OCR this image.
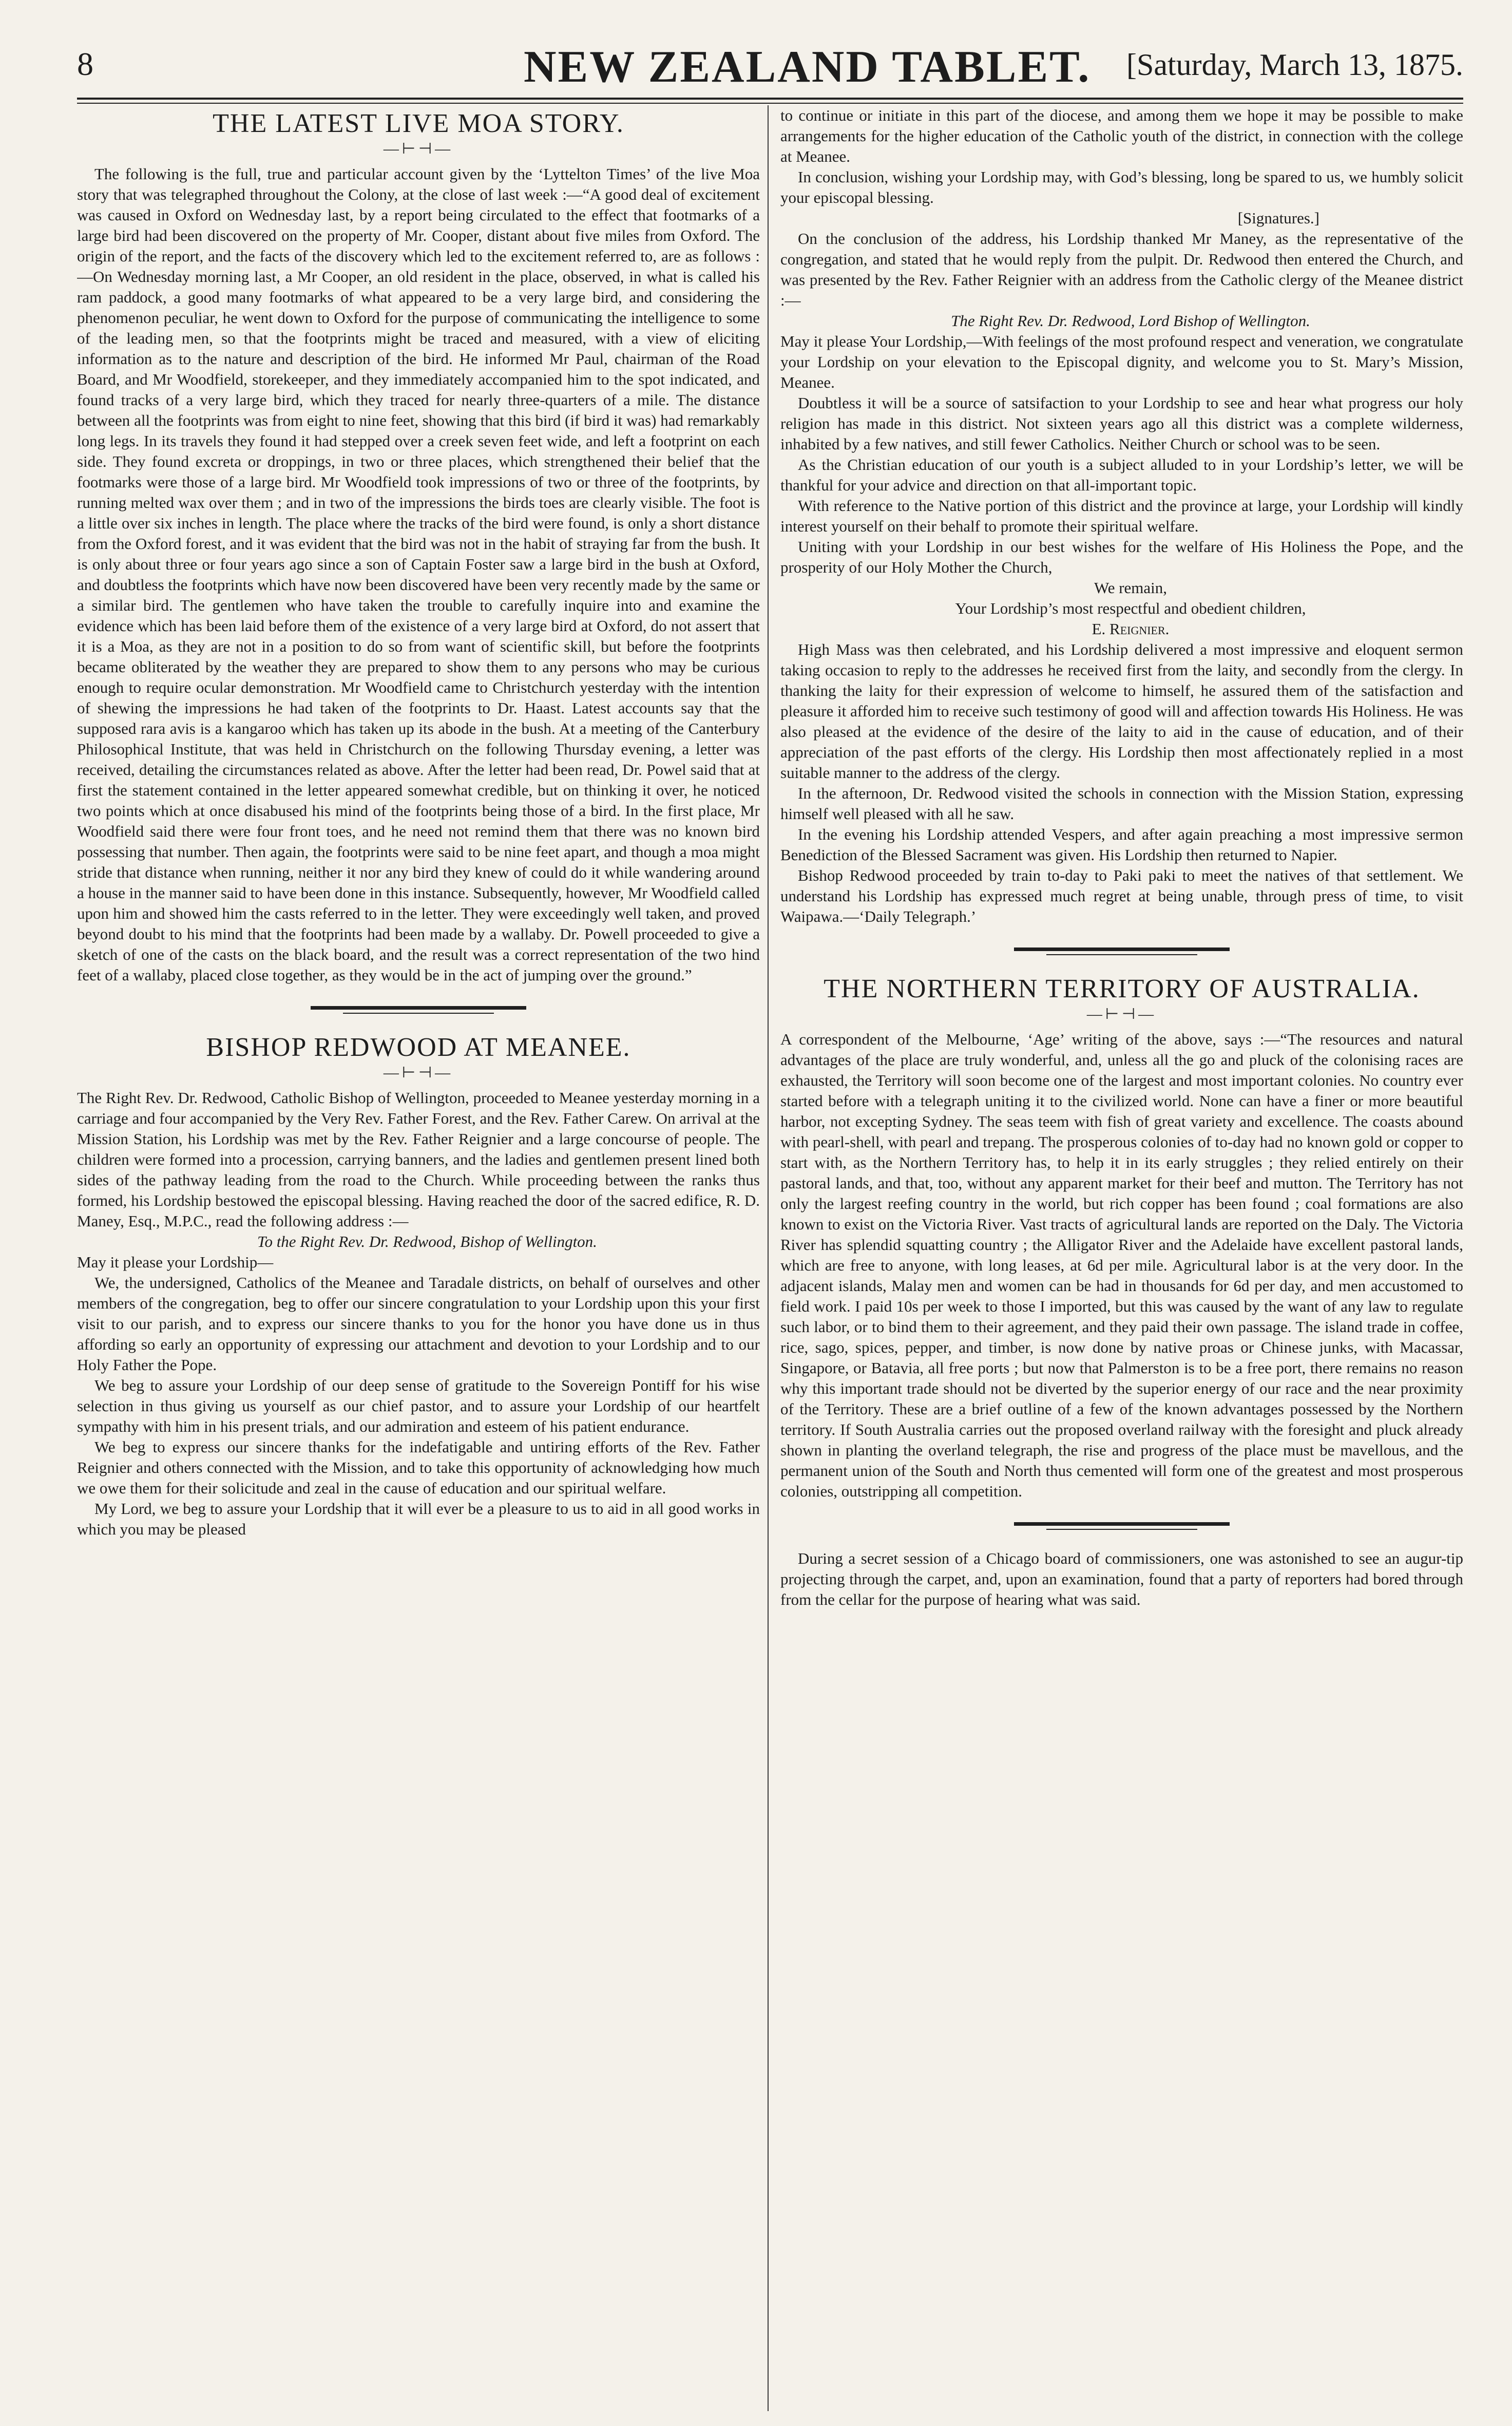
8	NEW ZEALAND TABLET. [Saturday, March 13, 1875.
THE LATEST LIVE MOA STORY.
—⊢⊣—

The following is the full, true and particular account given by the ‘Lyttelton Times’ of the live Moa story that was telegraphed throughout the Colony, at the close of last week :—“A good deal of excitement was caused in Oxford on Wednesday last, by a report being circulated to the effect that footmarks of a large bird had been discovered on the property of Mr. Cooper, distant about five miles from Oxford. The origin of the report, and the facts of the discovery which led to the excitement referred to, are as follows :—On Wednesday morning last, a Mr Cooper, an old resident in the place, observed, in what is called his ram paddock, a good many footmarks of what appeared to be a very large bird, and considering the phenomenon peculiar, he went down to Oxford for the purpose of communicating the intelligence to some of the leading men, so that the footprints might be traced and measured, with a view of eliciting information as to the nature and description of the bird. He informed Mr Paul, chairman of the Road Board, and Mr Woodfield, storekeeper, and they immediately accompanied him to the spot indicated, and found tracks of a very large bird, which they traced for nearly three-quarters of a mile. The distance between all the footprints was from eight to nine feet, showing that this bird (if bird it was) had remarkably long legs. In its travels they found it had stepped over a creek seven feet wide, and left a footprint on each side. They found excreta or droppings, in two or three places, which strengthened their belief that the footmarks were those of a large bird. Mr Woodfield took impressions of two or three of the footprints, by running melted wax over them ; and in two of the impressions the birds toes are clearly visible. The foot is a little over six inches in length. The place where the tracks of the bird were found, is only a short distance from the Oxford forest, and it was evident that the bird was not in the habit of straying far from the bush. It is only about three or four years ago since a son of Captain Foster saw a large bird in the bush at Oxford, and doubtless the footprints which have now been discovered have been very recently made by the same or a similar bird. The gentlemen who have taken the trouble to carefully inquire into and examine the evidence which has been laid before them of the existence of a very large bird at Oxford, do not assert that it is a Moa, as they are not in a position to do so from want of scientific skill, but before the footprints became obliterated by the weather they are prepared to show them to any persons who may be curious enough to require ocular demonstration. Mr Woodfield came to Christchurch yesterday with the intention of shewing the impressions he had taken of the footprints to Dr. Haast. Latest accounts say that the supposed rara avis is a kangaroo which has taken up its abode in the bush. At a meeting of the Canterbury Philosophical Institute, that was held in Christchurch on the following Thursday evening, a letter was received, detailing the circumstances related as above. After the letter had been read, Dr. Powel said that at first the statement contained in the letter appeared somewhat credible, but on thinking it over, he noticed two points which at once disabused his mind of the footprints being those of a bird. In the first place, Mr Woodfield said there were four front toes, and he need not remind them that there was no known bird possessing that number. Then again, the footprints were said to be nine feet apart, and though a moa might stride that distance when running, neither it nor any bird they knew of could do it while wandering around a house in the manner said to have been done in this instance. Subsequently, however, Mr Woodfield called upon him and showed him the casts referred to in the letter. They were exceedingly well taken, and proved beyond doubt to his mind that the footprints had been made by a wallaby. Dr. Powell proceeded to give a sketch of one of the casts on the black board, and the result was a correct representation of the two hind feet of a wallaby, placed close together, as they would be in the act of jumping over the ground.”

BISHOP REDWOOD AT MEANEE.
—⊢⊣—

The Right Rev. Dr. Redwood, Catholic Bishop of Wellington, proceeded to Meanee yesterday morning in a carriage and four accompanied by the Very Rev. Father Forest, and the Rev. Father Carew. On arrival at the Mission Station, his Lordship was met by the Rev. Father Reignier and a large concourse of people. The children were formed into a procession, carrying banners, and the ladies and gentlemen present lined both sides of the pathway leading from the road to the Church. While proceeding between the ranks thus formed, his Lordship bestowed the episcopal blessing. Having reached the door of the sacred edifice, R. D. Maney, Esq., M.P.C., read the following address :—

To the Right Rev. Dr. Redwood, Bishop of Wellington.

May it please your Lordship—

We, the undersigned, Catholics of the Meanee and Taradale districts, on behalf of ourselves and other members of the congregation, beg to offer our sincere congratulation to your Lordship upon this your first visit to our parish, and to express our sincere thanks to you for the honor you have done us in thus affording so early an opportunity of expressing our attachment and devotion to your Lordship and to our Holy Father the Pope.

We beg to assure your Lordship of our deep sense of gratitude to the Sovereign Pontiff for his wise selection in thus giving us yourself as our chief pastor, and to assure your Lordship of our heartfelt sympathy with him in his present trials, and our admiration and esteem of his patient endurance.

We beg to express our sincere thanks for the indefatigable and untiring efforts of the Rev. Father Reignier and others connected with the Mission, and to take this opportunity of acknowledging how much we owe them for their solicitude and zeal in the cause of education and our spiritual welfare.

My Lord, we beg to assure your Lordship that it will ever be a pleasure to us to aid in all good works in which you may be pleased

to continue or initiate in this part of the diocese, and among them we hope it may be possible to make arrangements for the higher education of the Catholic youth of the district, in connection with the college at Meanee.

In conclusion, wishing your Lordship may, with God’s blessing, long be spared to us, we humbly solicit your episcopal blessing.

[Signatures.]

On the conclusion of the address, his Lordship thanked Mr Maney, as the representative of the congregation, and stated that he would reply from the pulpit. Dr. Redwood then entered the Church, and was presented by the Rev. Father Reignier with an address from the Catholic clergy of the Meanee district :—

The Right Rev. Dr. Redwood, Lord Bishop of Wellington.

May it please Your Lordship,—With feelings of the most profound respect and veneration, we congratulate your Lordship on your elevation to the Episcopal dignity, and welcome you to St. Mary’s Mission, Meanee.

Doubtless it will be a source of satsifaction to your Lordship to see and hear what progress our holy religion has made in this district. Not sixteen years ago all this district was a complete wilderness, inhabited by a few natives, and still fewer Catholics. Neither Church or school was to be seen.

As the Christian education of our youth is a subject alluded to in your Lordship’s letter, we will be thankful for your advice and direction on that all-important topic.

With reference to the Native portion of this district and the province at large, your Lordship will kindly interest yourself on their behalf to promote their spiritual welfare.

Uniting with your Lordship in our best wishes for the welfare of His Holiness the Pope, and the prosperity of our Holy Mother the Church,

We remain,

Your Lordship’s most respectful and obedient children,

E. Reignier.

High Mass was then celebrated, and his Lordship delivered a most impressive and eloquent sermon taking occasion to reply to the addresses he received first from the laity, and secondly from the clergy. In thanking the laity for their expression of welcome to himself, he assured them of the satisfaction and pleasure it afforded him to receive such testimony of good will and affection towards His Holiness. He was also pleased at the evidence of the desire of the laity to aid in the cause of education, and of their appreciation of the past efforts of the clergy. His Lordship then most affectionately replied in a most suitable manner to the address of the clergy.

In the afternoon, Dr. Redwood visited the schools in connection with the Mission Station, expressing himself well pleased with all he saw.

In the evening his Lordship attended Vespers, and after again preaching a most impressive sermon Benediction of the Blessed Sacrament was given. His Lordship then returned to Napier.

Bishop Redwood proceeded by train to-day to Paki paki to meet the natives of that settlement. We understand his Lordship has expressed much regret at being unable, through press of time, to visit Waipawa.—‘Daily Telegraph.’

THE NORTHERN TERRITORY OF AUSTRALIA.
—⊢⊣—

A correspondent of the Melbourne, ‘Age’ writing of the above, says :—“The resources and natural advantages of the place are truly wonderful, and, unless all the go and pluck of the colonising races are exhausted, the Territory will soon become one of the largest and most important colonies. No country ever started before with a telegraph uniting it to the civilized world. None can have a finer or more beautiful harbor, not excepting Sydney. The seas teem with fish of great variety and excellence. The coasts abound with pearl-shell, with pearl and trepang. The prosperous colonies of to-day had no known gold or copper to start with, as the Northern Territory has, to help it in its early struggles ; they relied entirely on their pastoral lands, and that, too, without any apparent market for their beef and mutton. The Territory has not only the largest reefing country in the world, but rich copper has been found ; coal formations are also known to exist on the Victoria River. Vast tracts of agricultural lands are reported on the Daly. The Victoria River has splendid squatting country ; the Alligator River and the Adelaide have excellent pastoral lands, which are free to anyone, with long leases, at 6d per mile. Agricultural labor is at the very door. In the adjacent islands, Malay men and women can be had in thousands for 6d per day, and men accustomed to field work. I paid 10s per week to those I imported, but this was caused by the want of any law to regulate such labor, or to bind them to their agreement, and they paid their own passage. The island trade in coffee, rice, sago, spices, pepper, and timber, is now done by native proas or Chinese junks, with Macassar, Singapore, or Batavia, all free ports ; but now that Palmerston is to be a free port, there remains no reason why this important trade should not be diverted by the superior energy of our race and the near proximity of the Territory. These are a brief outline of a few of the known advantages possessed by the Northern territory. If South Australia carries out the proposed overland railway with the foresight and pluck already shown in planting the overland telegraph, the rise and progress of the place must be mavellous, and the permanent union of the South and North thus cemented will form one of the greatest and most prosperous colonies, outstripping all competition.

During a secret session of a Chicago board of commissioners, one was astonished to see an augur-tip projecting through the carpet, and, upon an examination, found that a party of reporters had bored through from the cellar for the purpose of hearing what was said.
